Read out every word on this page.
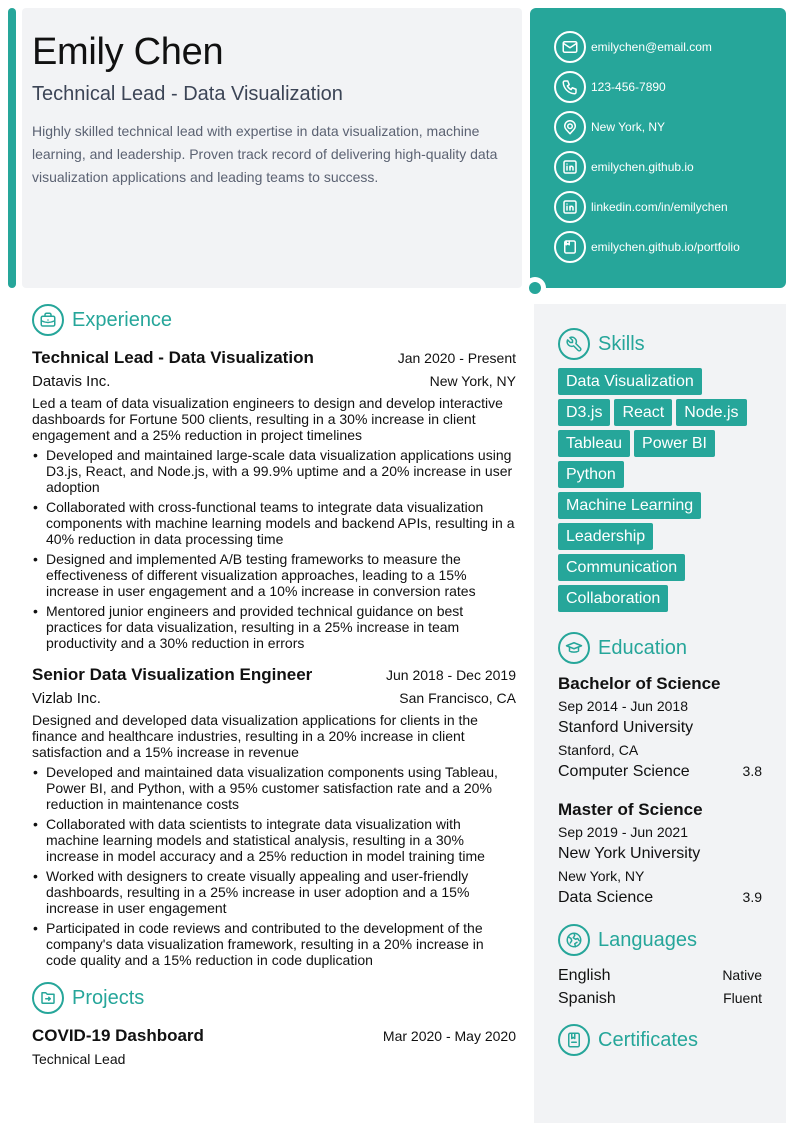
Emily Chen
Technical Lead - Data Visualization

Highly skilled technical lead with expertise in data visualization, machine learning, and leadership. Proven track record of delivering high-quality data visualization applications and leading teams to success.

emilychen@email.com
123-456-7890
New York, NY
emilychen.github.io
linkedin.com/in/emilychen
emilychen.github.io/portfolio
Experience
Technical Lead - Data Visualization	Jan 2020 - Present
Datavis Inc.	New York, NY

Led a team of data visualization engineers to design and develop interactive dashboards for Fortune 500 clients, resulting in a 30% increase in client engagement and a 25% reduction in project timelines

• Developed and maintained large-scale data visualization applications using D3.js, React, and Node.js, with a 99.9% uptime and a 20% increase in user adoption
• Collaborated with cross-functional teams to integrate data visualization components with machine learning models and backend APIs, resulting in a 40% reduction in data processing time
• Designed and implemented A/B testing frameworks to measure the effectiveness of different visualization approaches, leading to a 15% increase in user engagement and a 10% increase in conversion rates
• Mentored junior engineers and provided technical guidance on best practices for data visualization, resulting in a 25% increase in team productivity and a 30% reduction in errors
Senior Data Visualization Engineer	Jun 2018 - Dec 2019
Vizlab Inc.	San Francisco, CA

Designed and developed data visualization applications for clients in the finance and healthcare industries, resulting in a 20% increase in client satisfaction and a 15% increase in revenue

• Developed and maintained data visualization components using Tableau, Power BI, and Python, with a 95% customer satisfaction rate and a 20% reduction in maintenance costs
• Collaborated with data scientists to integrate data visualization with machine learning models and statistical analysis, resulting in a 30% increase in model accuracy and a 25% reduction in model training time
• Worked with designers to create visually appealing and user-friendly dashboards, resulting in a 25% increase in user adoption and a 15% increase in user engagement
• Participated in code reviews and contributed to the development of the company's data visualization framework, resulting in a 20% increase in code quality and a 15% reduction in code duplication
Projects
COVID-19 Dashboard	Mar 2020 - May 2020
Technical Lead
Skills
Data Visualization
D3.js React Node.js
Tableau Power BI
Python
Machine Learning
Leadership
Communication
Collaboration
Education
Bachelor of Science
Sep 2014 - Jun 2018
Stanford University
Stanford, CA
Computer Science	3.8
Master of Science
Sep 2019 - Jun 2021
New York University
New York, NY
Data Science	3.9
Languages
English	Native
Spanish	Fluent
Certificates
